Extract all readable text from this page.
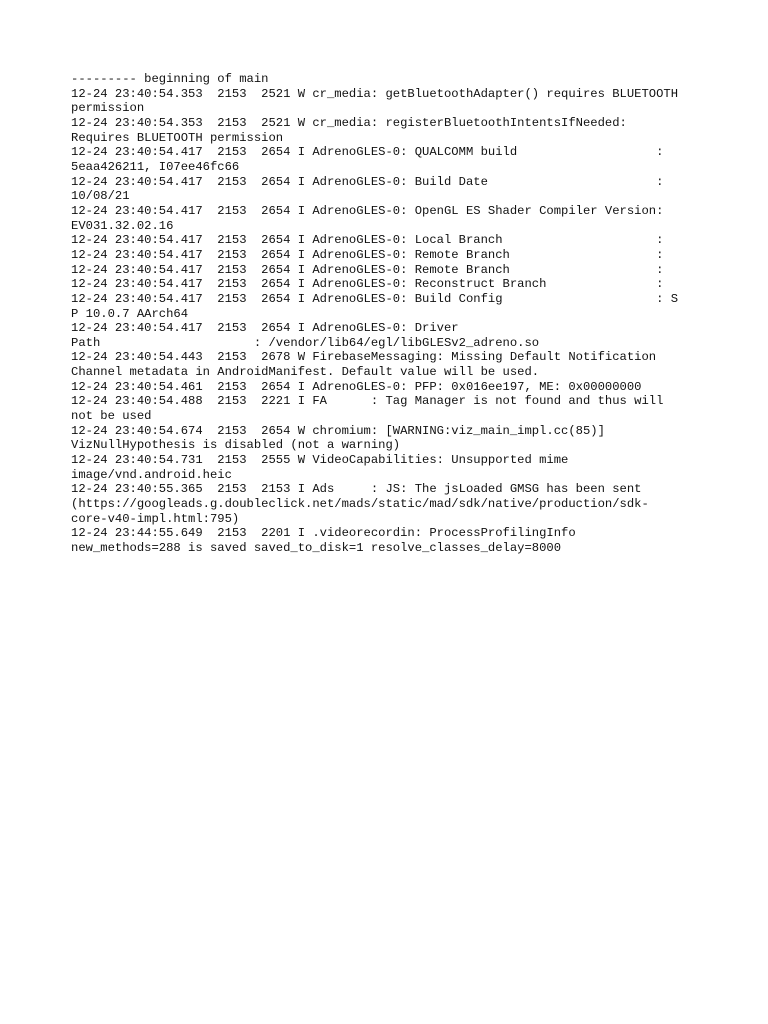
--------- beginning of main
12-24 23:40:54.353  2153  2521 W cr_media: getBluetoothAdapter() requires BLUETOOTH
permission
12-24 23:40:54.353  2153  2521 W cr_media: registerBluetoothIntentsIfNeeded:
Requires BLUETOOTH permission
12-24 23:40:54.417  2153  2654 I AdrenoGLES-0: QUALCOMM build                   :
5eaa426211, I07ee46fc66
12-24 23:40:54.417  2153  2654 I AdrenoGLES-0: Build Date                       :
10/08/21
12-24 23:40:54.417  2153  2654 I AdrenoGLES-0: OpenGL ES Shader Compiler Version:
EV031.32.02.16
12-24 23:40:54.417  2153  2654 I AdrenoGLES-0: Local Branch                     :
12-24 23:40:54.417  2153  2654 I AdrenoGLES-0: Remote Branch                    :
12-24 23:40:54.417  2153  2654 I AdrenoGLES-0: Remote Branch                    :
12-24 23:40:54.417  2153  2654 I AdrenoGLES-0: Reconstruct Branch               :
12-24 23:40:54.417  2153  2654 I AdrenoGLES-0: Build Config                     : S
P 10.0.7 AArch64
12-24 23:40:54.417  2153  2654 I AdrenoGLES-0: Driver
Path                     : /vendor/lib64/egl/libGLESv2_adreno.so
12-24 23:40:54.443  2153  2678 W FirebaseMessaging: Missing Default Notification
Channel metadata in AndroidManifest. Default value will be used.
12-24 23:40:54.461  2153  2654 I AdrenoGLES-0: PFP: 0x016ee197, ME: 0x00000000
12-24 23:40:54.488  2153  2221 I FA      : Tag Manager is not found and thus will
not be used
12-24 23:40:54.674  2153  2654 W chromium: [WARNING:viz_main_impl.cc(85)]
VizNullHypothesis is disabled (not a warning)
12-24 23:40:54.731  2153  2555 W VideoCapabilities: Unsupported mime
image/vnd.android.heic
12-24 23:40:55.365  2153  2153 I Ads     : JS: The jsLoaded GMSG has been sent
(https://googleads.g.doubleclick.net/mads/static/mad/sdk/native/production/sdk-
core-v40-impl.html:795)
12-24 23:44:55.649  2153  2201 I .videorecordin: ProcessProfilingInfo
new_methods=288 is saved saved_to_disk=1 resolve_classes_delay=8000
